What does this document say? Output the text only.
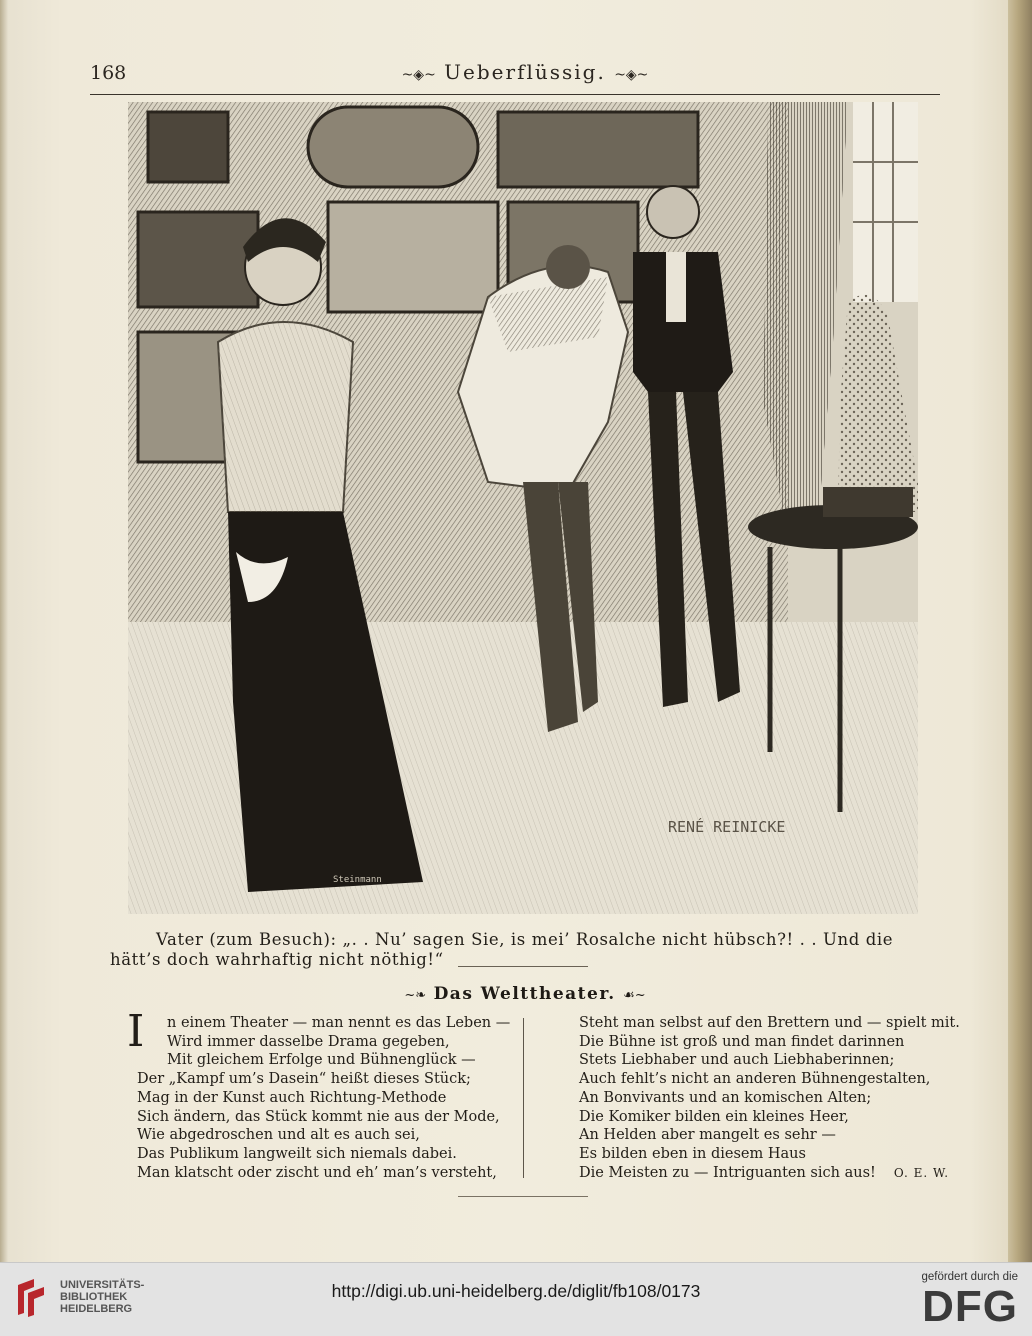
168	~◈~ Ueberflüssig. ~◈~
RENÉ REINICKE
Steinmann

Vater (zum Besuch): „. . Nu’ sagen Sie, is mei’ Rosalche nicht hübsch?! . . Und die hätt’s doch wahrhaftig nicht nöthig!“

~❧ Das Welttheater. ☙~
I	n einem Theater — man nennt es das Leben —
Wird immer dasselbe Drama gegeben,
Mit gleichem Erfolge und Bühnenglück —
Der „Kampf um’s Dasein“ heißt dieses Stück;
Mag in der Kunst auch Richtung-Methode
Sich ändern, das Stück kommt nie aus der Mode,
Wie abgedroschen und alt es auch sei,
Das Publikum langweilt sich niemals dabei.
Man klatscht oder zischt und eh’ man’s versteht,
Steht man selbst auf den Brettern und — spielt mit.
Die Bühne ist groß und man findet darinnen
Stets Liebhaber und auch Liebhaberinnen;
Auch fehlt’s nicht an anderen Bühnengestalten,
An Bonvivants und an komischen Alten;
Die Komiker bilden ein kleines Heer,
An Helden aber mangelt es sehr —
Es bilden eben in diesem Haus
Die Meisten zu — Intriguanten sich aus! O. E. W.
UNIVERSITÄTS-
BIBLIOTHEK
HEIDELBERG
http://digi.ub.uni-heidelberg.de/diglit/fb108/0173
gefördert durch die
DFG
